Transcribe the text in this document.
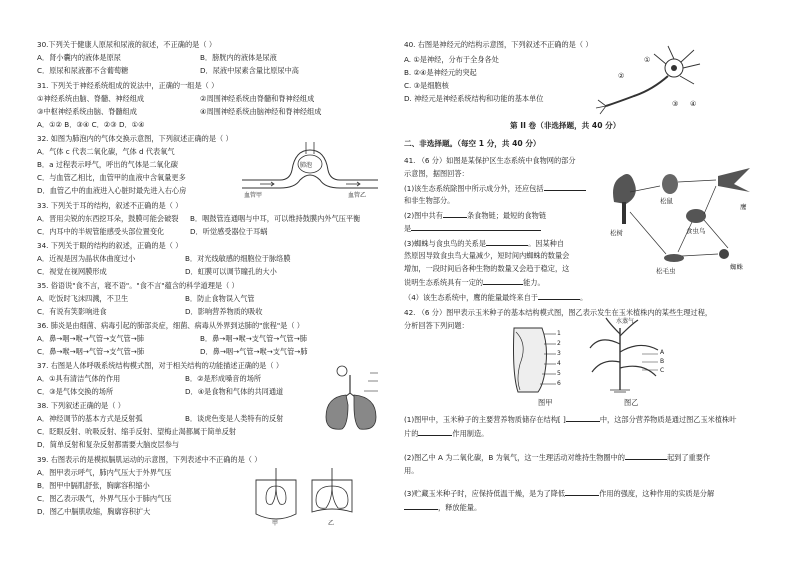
30.下列关于健康人原尿和尿液的叙述，不正确的是（ ）
A．肾小囊内的液体是原尿	B．膀胱内的液体是尿液
C．原尿和尿液都不含葡萄糖	D．尿液中尿素含量比原尿中高
31. 下列关于神经系统组成的说法中，正确的一组是（ ）
①神经系统由脑、脊髓、神经组成	②周围神经系统由脊髓和脊神经组成
③中枢神经系统由脑、脊髓组成	④周围神经系统由脑神经和脊神经组成
A．①② B．③④ C．②③ D．①④
32. 如图为肺泡内的气体交换示意图，下列叙述正确的是（ ）
A．气体 c 代表二氧化碳，气体 d 代表氧气
B．a 过程表示呼气，呼出的气体是二氧化碳
C．与血管乙相比，血管甲的血液中含氧量更多
D．血管乙中的血液进入心脏时最先进入右心房
肺泡
血管甲	血管乙
33. 下列关于耳的结构，叙述不正确的是（ ）
A．晋用尖锐的东西挖耳朵，鼓膜可能会破裂 B．咽鼓管连通咽与中耳，可以维持鼓膜内外气压平衡
C．内耳中的半规管能感受头部位置变化	D．听觉感受器位于耳蜗
34. 下列关于眼的结构的叙述，正确的是（ ）
A．近视是因为晶状体曲度过小	B．对光线敏感的细胞位于脉络膜
C．视觉在视网膜形成	D．虹膜可以调节瞳孔的大小
35. 俗语说"食不言，寝不语"。"食不言"蕴含的科学道理是（ ）
A．吃饭时飞沫四溅，不卫生	B．防止食物误入气管
C．有说有笑影响进食	D．影响营养物质的吸收
36. 肺炎是由细菌、病毒引起的肺部炎症，细菌、病毒从外界到达肺的"旅程"是（ ）
A．鼻→咽→喉→气管→支气管→肺	B．鼻→咽→喉→支气管→气管→肺
C．鼻→喉→咽→气管→支气管→肺	D．鼻→咽→气管→喉→支气管→肺
37. 右图是人体呼吸系统结构模式图，对于相关结构的功能描述正确的是（ ）
A．①具有清洁气体的作用	B．②是形成嗓音的场所
C．③是气体交换的场所	D．④是食物和气体的共同通道
38. 下列叙述正确的是（ ）
A．神经调节的基本方式是反射弧	B．谈虎色变是人类特有的反射
C．眨眼反射、吮吸反射、缩手反射、望梅止渴都属于简单反射
D．简单反射和复杂反射都需要大脑皮层参与
39. 右图表示的是模拟膈肌运动的示意图，下列表述中不正确的是（ ）
A．图甲表示呼气，肺内气压大于外界气压
B．图甲中膈肌舒张，胸廓容积缩小
C．图乙表示吸气，外界气压小于肺内气压
D．图乙中膈肌收缩，胸廓容积扩大
甲	乙
40. 右图是神经元的结构示意图，下列叙述不正确的是（ ）
A. ①是神经，分布于全身各处
B. ②④是神经元的突起
C. ③是细胞核
D. 神经元是神经系统结构和功能的基本单位
①
②
③ ④
第 II 卷（非选择题，共 40 分）
二、非选择题。（每空 1 分，共 40 分）
41. （6 分）如图是某保护区生态系统中食物网的部分
示意图，据图回答：
(1)该生态系统除图中所示成分外，还应包括
和非生物部分。
(2)图中共有	条食物链；最短的食物链
是
(3)蜘蛛与食虫鸟的关系是	。因某种自
然原因导致食虫鸟大量减少，短时间内蜘蛛的数量会
增加，一段时间后各种生物的数量又会趋于稳定，这
说明生态系统具有一定的	能力。
（4）该生态系统中，鹰的能量最终来自于	。
松鼠
鹰
食虫鸟
松树
松毛虫	蜘蛛
42. （6 分）图甲表示玉米种子的基本结构模式图，图乙表示发生在玉米植株内的某些生理过程，
分析回答下列问题：
1
2
3
4
5
6
水蒸气
A
B
C
图甲	图乙
(1)图甲中，玉米种子的主要营养物质储存在结构[ ]	中，这部分营养物质是通过图乙玉米植株叶
片的	作用制造。
(2)图乙中 A 为二氧化碳，B 为氧气，这一生理活动对维持生物圈中的	起到了重要作
用。
(3)贮藏玉米种子时，应保持低温干燥，是为了降低	作用的强度，这种作用的实质是分解
，释放能量。
